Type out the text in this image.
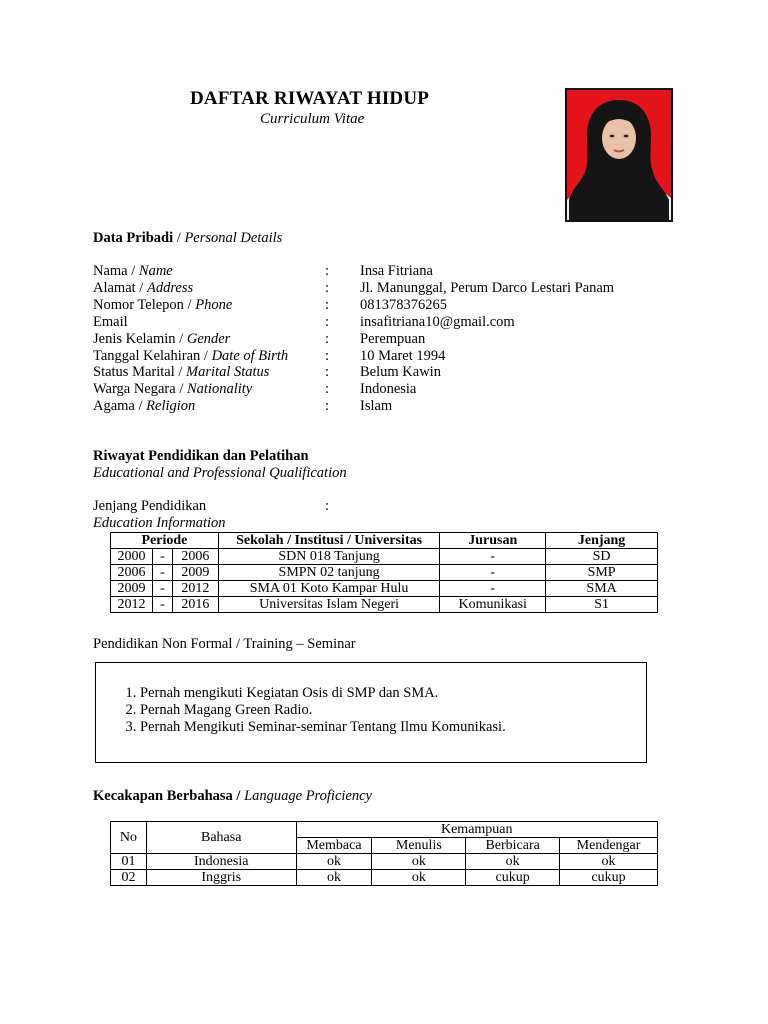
DAFTAR RIWAYAT HIDUP
Curriculum Vitae
Data Pribadi / Personal Details
Nama / Name	: Insa Fitriana
Alamat / Address	: Jl. Manunggal, Perum Darco Lestari Panam
Nomor Telepon / Phone	: 081378376265
Email	: insafitriana10@gmail.com
Jenis Kelamin / Gender	: Perempuan
Tanggal Kelahiran / Date of Birth	: 10 Maret 1994
Status Marital / Marital Status	: Belum Kawin
Warga Negara / Nationality	: Indonesia
Agama / Religion	: Islam
Riwayat Pendidikan dan Pelatihan
Educational and Professional Qualification
Jenjang Pendidikan	:
Education Information
Periode			Sekolah / Institusi / Universitas	Jurusan	Jenjang
2000	-	2006	SDN 018 Tanjung	-	SD
2006	-	2009	SMPN 02 tanjung	-	SMP
2009	-	2012	SMA 01 Koto Kampar Hulu	-	SMA
2012	-	2016	Universitas Islam Negeri	Komunikasi	S1
Pendidikan Non Formal / Training – Seminar
1. Pernah mengikuti Kegiatan Osis di SMP dan SMA.
2. Pernah Magang Green Radio.
3. Pernah Mengikuti Seminar-seminar Tentang Ilmu Komunikasi.
Kecakapan Berbahasa / Language Proficiency
No	Bahasa	Kemampuan			
		Membaca	Menulis	Berbicara	Mendengar
01	Indonesia	ok	ok	ok	ok
02	Inggris	ok	ok	cukup	cukup
